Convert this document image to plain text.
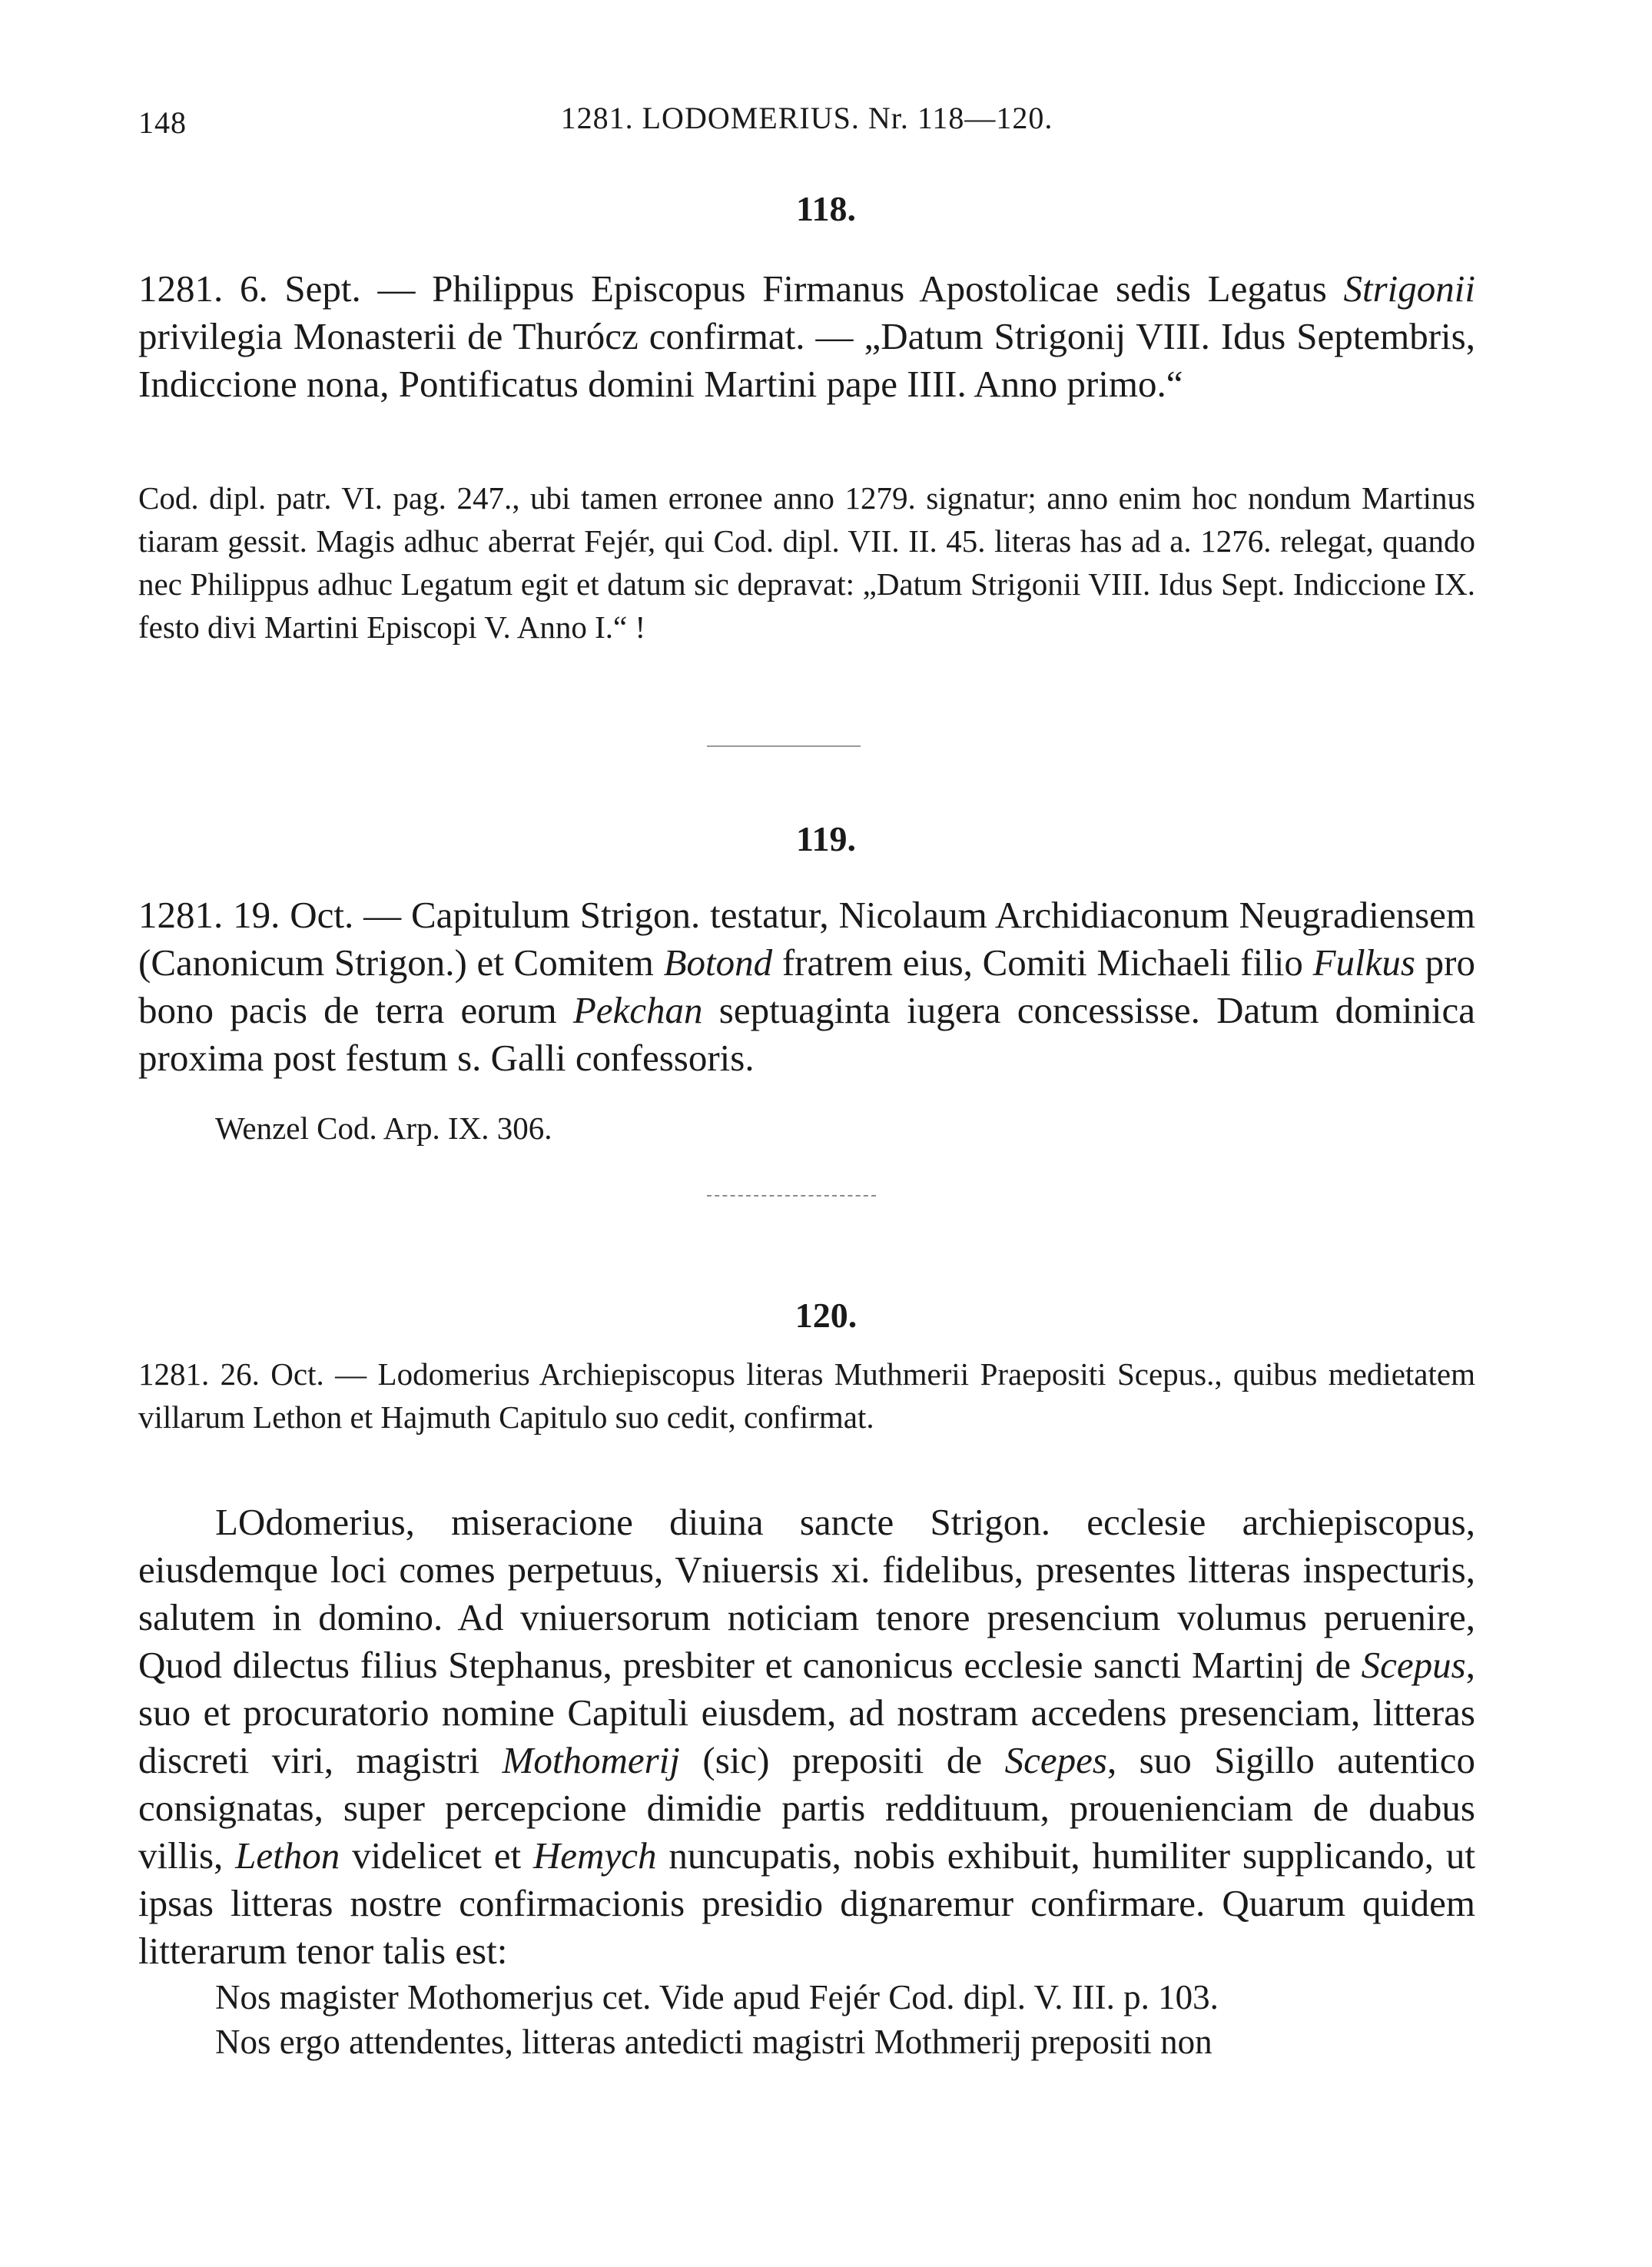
148	1281. LODOMERIUS. Nr. 118—120.
118.

1281. 6. Sept. — Philippus Episcopus Firmanus Apostolicae sedis Legatus Strigonii privilegia Monasterii de Thurócz confirmat. — „Datum Strigonij VIII. Idus Septembris, Indiccione nona, Pontificatus domini Martini pape IIII. Anno primo.“

Cod. dipl. patr. VI. pag. 247., ubi tamen erronee anno 1279. signatur; anno enim hoc nondum Martinus tiaram gessit. Magis adhuc aberrat Fejér, qui Cod. dipl. VII. II. 45. literas has ad a. 1276. relegat, quando nec Philippus adhuc Legatum egit et datum sic depravat: „Datum Strigonii VIII. Idus Sept. Indiccione IX. festo divi Martini Episcopi V. Anno I.“ !

119.

1281. 19. Oct. — Capitulum Strigon. testatur, Nicolaum Archidiaconum Neugradiensem (Canonicum Strigon.) et Comitem Botond fratrem eius, Comiti Michaeli filio Fulkus pro bono pacis de terra eorum Pekchan septuaginta iugera concessisse. Datum dominica proxima post festum s. Galli confessoris.

Wenzel Cod. Arp. IX. 306.

120.

1281. 26. Oct. — Lodomerius Archiepiscopus literas Muthmerii Praepositi Scepus., quibus medietatem villarum Lethon et Hajmuth Capitulo suo cedit, confirmat.

LOdomerius, miseracione diuina sancte Strigon. ecclesie archiepiscopus, eiusdemque loci comes perpetuus, Vniuersis xi. fidelibus, presentes litteras inspecturis, salutem in domino. Ad vniuersorum noticiam tenore presencium volumus peruenire, Quod dilectus filius Stephanus, presbiter et canonicus ecclesie sancti Martinj de Scepus, suo et procuratorio nomine Capituli eiusdem, ad nostram accedens presenciam, litteras discreti viri, magistri Mothomerij (sic) prepositi de Scepes, suo Sigillo autentico consignatas, super percepcione dimidie partis reddituum, prouenienciam de duabus villis, Lethon videlicet et Hemych nuncupatis, nobis exhibuit, humiliter supplicando, ut ipsas litteras nostre confirmacionis presidio dignaremur confirmare. Quarum quidem litterarum tenor talis est:

Nos magister Mothomerjus cet. Vide apud Fejér Cod. dipl. V. III. p. 103.

Nos ergo attendentes, litteras antedicti magistri Mothmerij prepositi non
